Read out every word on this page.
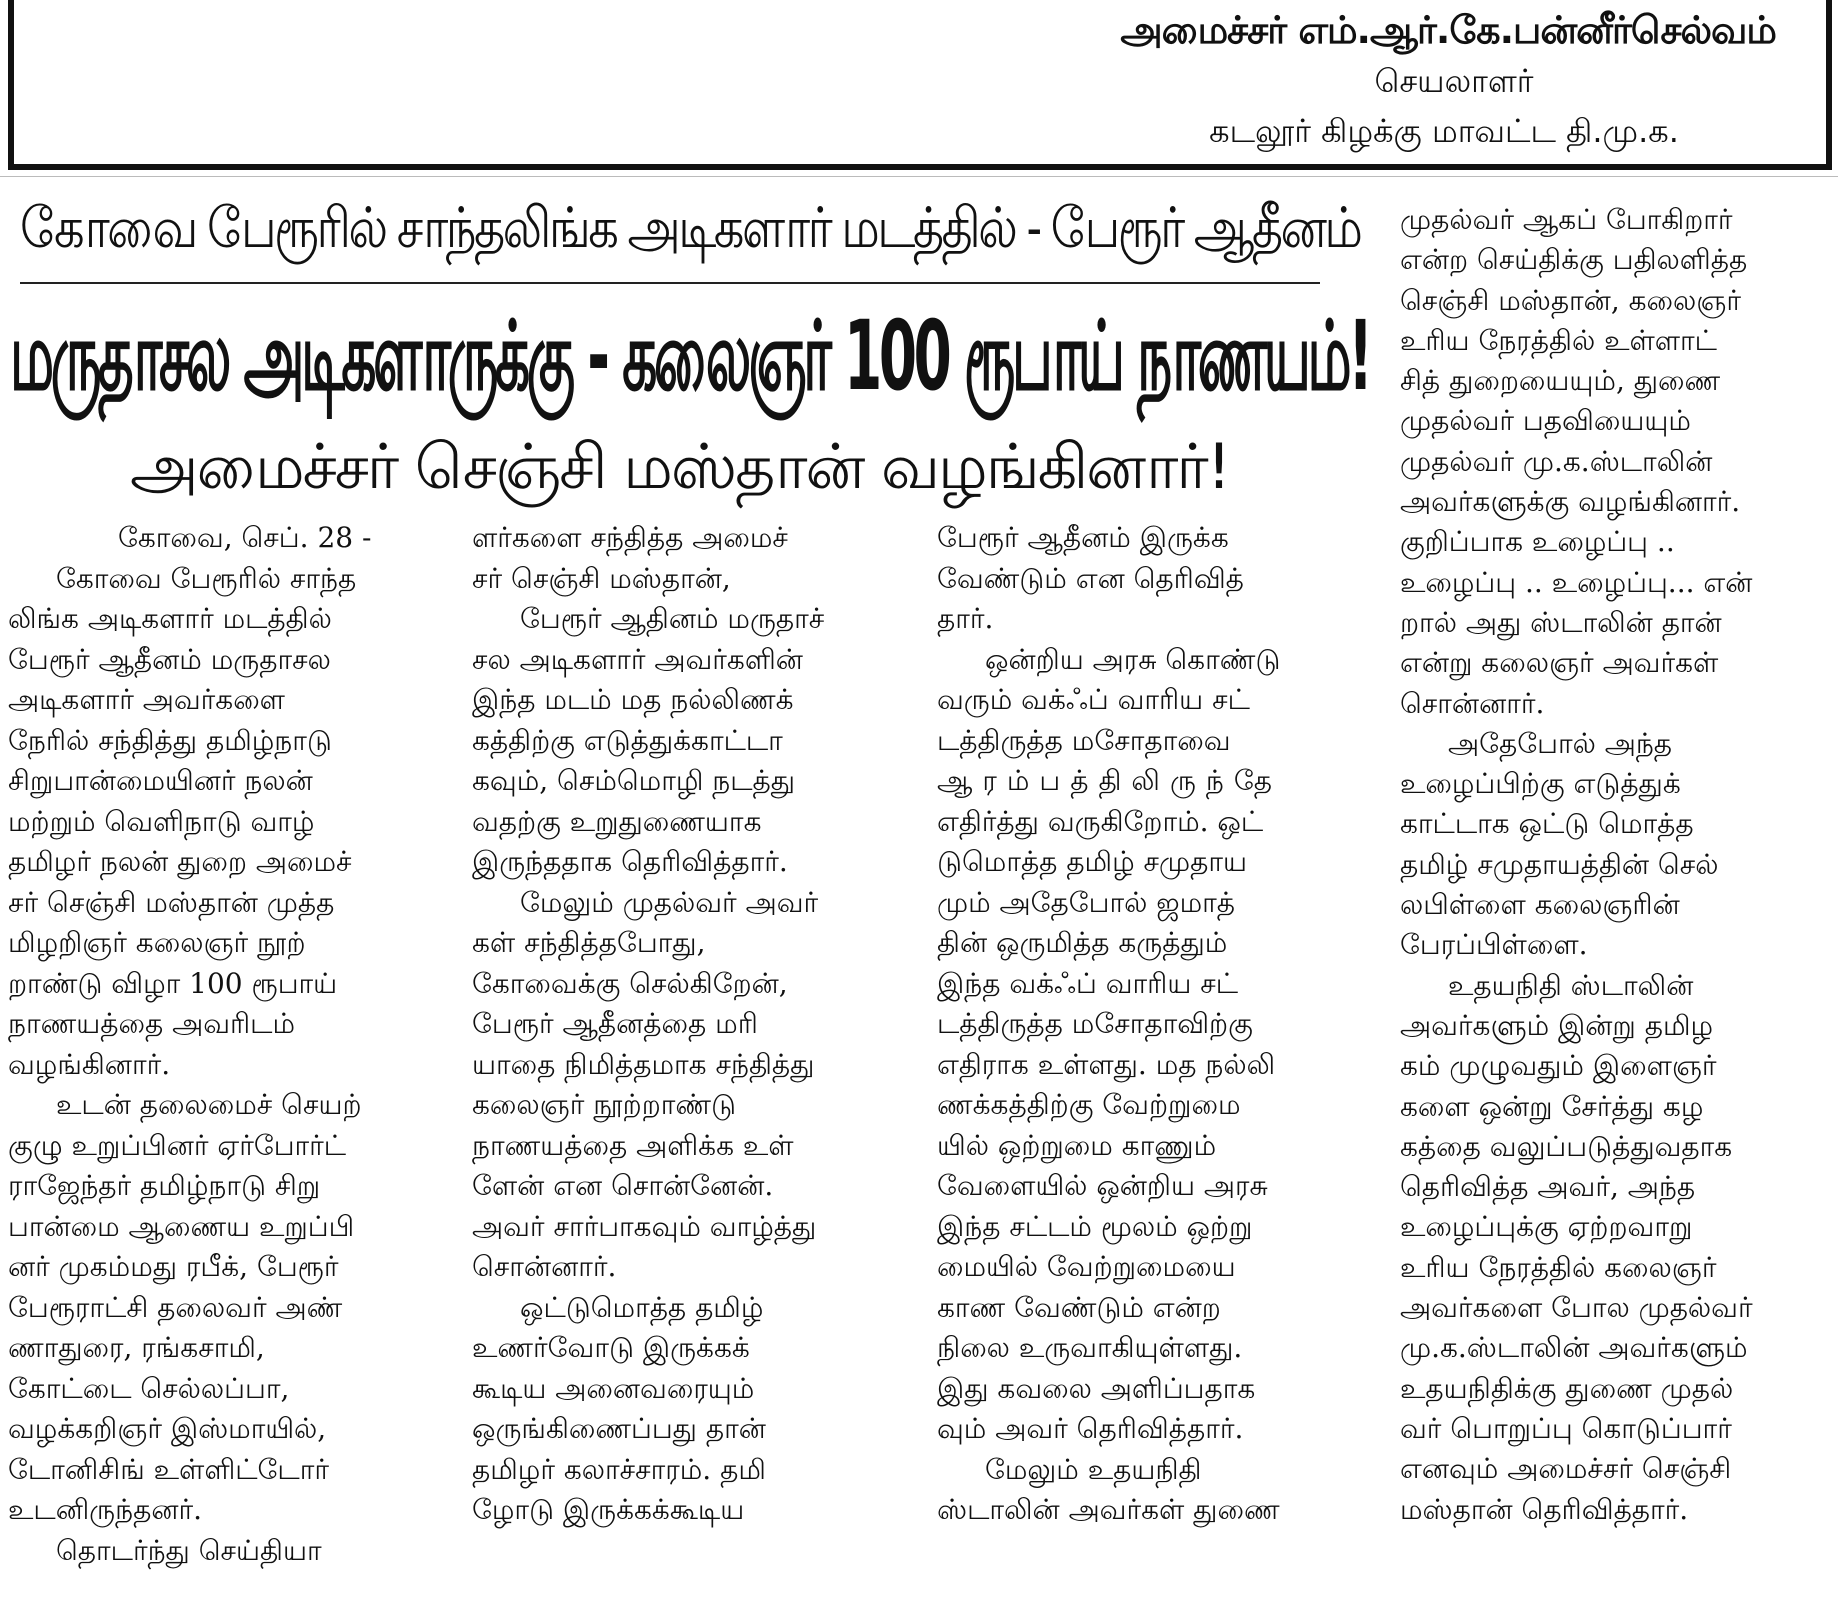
அமைச்சர் எம்.ஆர்.கே.பன்னீர்செல்வம்
செயலாளர்
கடலூர் கிழக்கு மாவட்ட தி.மு.க.
கோவை பேரூரில் சாந்தலிங்க அடிகளார் மடத்தில் - பேரூர் ஆதீனம்
மருதாசல அடிகளாருக்கு - கலைஞர் 100 ரூபாய் நாணயம்!
அமைச்சர் செஞ்சி மஸ்தான் வழங்கினார்!

கோவை, செப். 28 -

கோவை பேரூரில் சாந்த

லிங்க அடிகளார் மடத்தில்

பேரூர் ஆதீனம் மருதாசல

அடிகளார் அவர்களை

நேரில் சந்தித்து தமிழ்நாடு

சிறுபான்மையினர் நலன்

மற்றும் வெளிநாடு வாழ்

தமிழர் நலன் துறை அமைச்

சர் செஞ்சி மஸ்தான் முத்த

மிழறிஞர் கலைஞர் நூற்

றாண்டு விழா 100 ரூபாய்

நாணயத்தை அவரிடம்

வழங்கினார்.

உடன் தலைமைச் செயற்

குழு உறுப்பினர் ஏர்போர்ட்

ராஜேந்தர் தமிழ்நாடு சிறு

பான்மை ஆணைய உறுப்பி

னர் முகம்மது ரபீக், பேரூர்

பேரூராட்சி தலைவர் அண்

ணாதுரை, ரங்கசாமி,

கோட்டை செல்லப்பா,

வழக்கறிஞர் இஸ்மாயில்,

டோனிசிங் உள்ளிட்டோர்

உடனிருந்தனர்.

தொடர்ந்து செய்தியா

ளர்களை சந்தித்த அமைச்

சர் செஞ்சி மஸ்தான்,

பேரூர் ஆதினம் மருதாச்

சல அடிகளார் அவர்களின்

இந்த மடம் மத நல்லிணக்

கத்திற்கு எடுத்துக்காட்டா

கவும், செம்மொழி நடத்து

வதற்கு உறுதுணையாக

இருந்ததாக தெரிவித்தார்.

மேலும் முதல்வர் அவர்

கள் சந்தித்தபோது,

கோவைக்கு செல்கிறேன்,

பேரூர் ஆதீனத்தை மரி

யாதை நிமித்தமாக சந்தித்து

கலைஞர் நூற்றாண்டு

நாணயத்தை அளிக்க உள்

ளேன் என சொன்னேன்.

அவர் சார்பாகவும் வாழ்த்து

சொன்னார்.

ஒட்டுமொத்த தமிழ்

உணர்வோடு இருக்கக்

கூடிய அனைவரையும்

ஒருங்கிணைப்பது தான்

தமிழர் கலாச்சாரம். தமி

ழோடு இருக்கக்கூடிய

பேரூர் ஆதீனம் இருக்க

வேண்டும் என தெரிவித்

தார்.

ஒன்றிய அரசு கொண்டு

வரும் வக்ஃப் வாரிய சட்

டத்திருத்த மசோதாவை

ஆரம்பத்திலிருந்தே

எதிர்த்து வருகிறோம். ஒட்

டுமொத்த தமிழ் சமுதாய

மும் அதேபோல் ஜமாத்

தின் ஒருமித்த கருத்தும்

இந்த வக்ஃப் வாரிய சட்

டத்திருத்த மசோதாவிற்கு

எதிராக உள்ளது. மத நல்லி

ணக்கத்திற்கு வேற்றுமை

யில் ஒற்றுமை காணும்

வேளையில் ஒன்றிய அரசு

இந்த சட்டம் மூலம் ஒற்று

மையில் வேற்றுமையை

காண வேண்டும் என்ற

நிலை உருவாகியுள்ளது.

இது கவலை அளிப்பதாக

வும் அவர் தெரிவித்தார்.

மேலும் உதயநிதி

ஸ்டாலின் அவர்கள் துணை

முதல்வர் ஆகப் போகிறார்

என்ற செய்திக்கு பதிலளித்த

செஞ்சி மஸ்தான், கலைஞர்

உரிய நேரத்தில் உள்ளாட்

சித் துறையையும், துணை

முதல்வர் பதவியையும்

முதல்வர் மு.க.ஸ்டாலின்

அவர்களுக்கு வழங்கினார்.

குறிப்பாக உழைப்பு ..

உழைப்பு .. உழைப்பு... என்

றால் அது ஸ்டாலின் தான்

என்று கலைஞர் அவர்கள்

சொன்னார்.

அதேபோல் அந்த

உழைப்பிற்கு எடுத்துக்

காட்டாக ஒட்டு மொத்த

தமிழ் சமுதாயத்தின் செல்

லபிள்ளை கலைஞரின்

பேரப்பிள்ளை.

உதயநிதி ஸ்டாலின்

அவர்களும் இன்று தமிழ

கம் முழுவதும் இளைஞர்

களை ஒன்று சேர்த்து கழ

கத்தை வலுப்படுத்துவதாக

தெரிவித்த அவர், அந்த

உழைப்புக்கு ஏற்றவாறு

உரிய நேரத்தில் கலைஞர்

அவர்களை போல முதல்வர்

மு.க.ஸ்டாலின் அவர்களும்

உதயநிதிக்கு துணை முதல்

வர் பொறுப்பு கொடுப்பார்

எனவும் அமைச்சர் செஞ்சி

மஸ்தான் தெரிவித்தார்.
